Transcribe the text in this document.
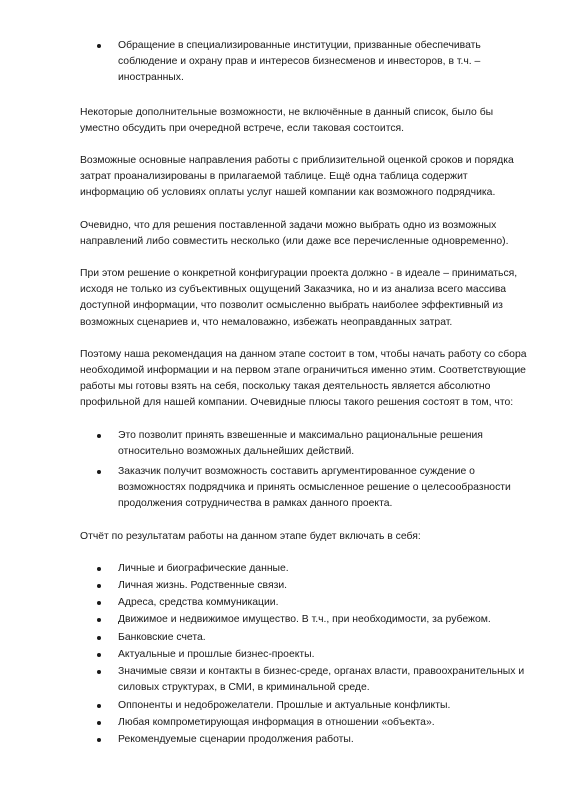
Обращение в специализированные институции, призванные обеспечивать соблюдение и охрану прав и интересов бизнесменов и инвесторов, в т.ч. – иностранных.

Некоторые дополнительные возможности, не включённые в данный список, было бы уместно обсудить при очередной встрече, если таковая состоится.

Возможные основные направления работы с приблизительной оценкой сроков и порядка затрат проанализированы в прилагаемой таблице. Ещё одна таблица содержит информацию об условиях оплаты услуг нашей компании как возможного подрядчика.

Очевидно, что для решения поставленной задачи можно выбрать одно из возможных направлений либо совместить несколько (или даже все перечисленные одновременно).

При этом решение о конкретной конфигурации проекта должно - в идеале – приниматься, исходя не только из субъективных ощущений Заказчика, но и из анализа всего массива доступной информации, что позволит осмысленно выбрать наиболее эффективный из возможных сценариев и, что немаловажно, избежать неоправданных затрат.

Поэтому наша рекомендация на данном этапе состоит в том, чтобы начать работу со сбора необходимой информации и на первом этапе ограничиться именно этим. Соответствующие работы мы готовы взять на себя, поскольку такая деятельность является абсолютно профильной для нашей компании. Очевидные плюсы такого решения состоят в том, что:

Это позволит принять взвешенные и максимально рациональные решения относительно возможных дальнейших действий.
Заказчик получит возможность составить аргументированное суждение о возможностях подрядчика и принять осмысленное решение о целесообразности продолжения сотрудничества в рамках данного проекта.

Отчёт по результатам работы на данном этапе будет включать в себя:

Личные и биографические данные.
Личная жизнь. Родственные связи.
Адреса, средства коммуникации.
Движимое и недвижимое имущество. В т.ч., при необходимости, за рубежом.
Банковские счета.
Актуальные и прошлые бизнес-проекты.
Значимые связи и контакты в бизнес-среде, органах власти, правоохранительных и силовых структурах, в СМИ, в криминальной среде.
Оппоненты и недоброжелатели. Прошлые и актуальные конфликты.
Любая компрометирующая информация в отношении «объекта».
Рекомендуемые сценарии продолжения работы.
